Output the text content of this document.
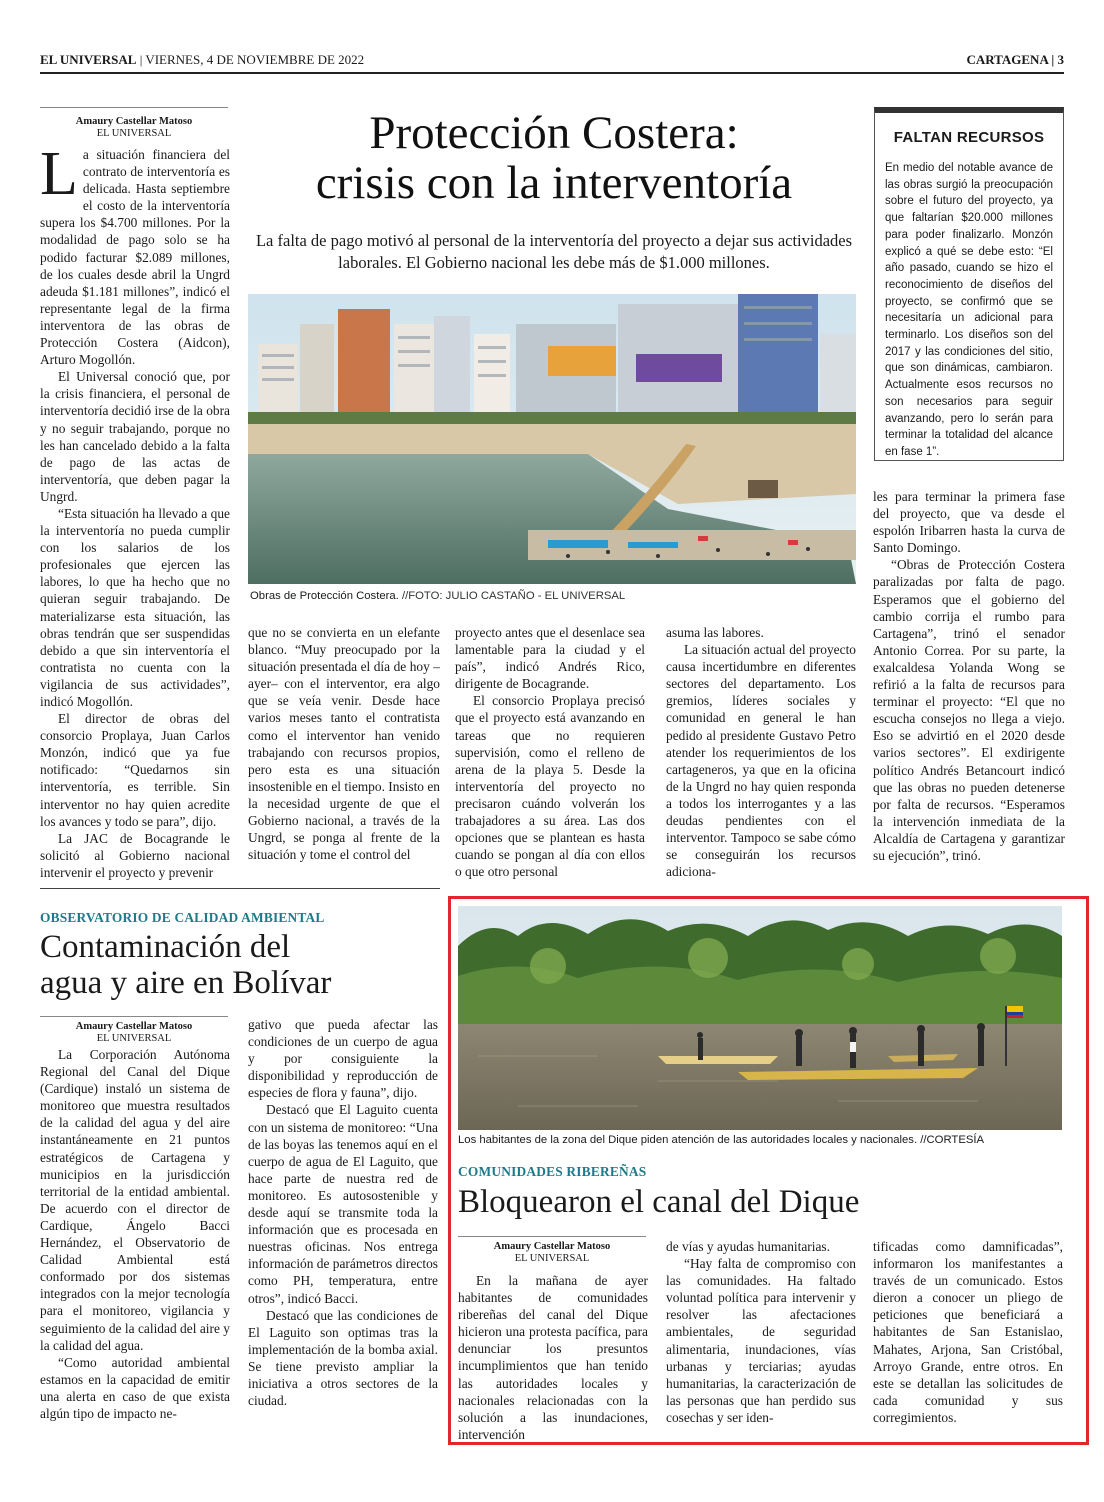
EL UNIVERSAL | VIERNES, 4 DE NOVIEMBRE DE 2022	CARTAGENA | 3
Amaury Castellar Matoso
EL UNIVERSAL

La situación financiera del contrato de interventoría es delicada. Hasta septiembre el costo de la interventoría supera los $4.700 millones. Por la modalidad de pago solo se ha podido facturar $2.089 millones, de los cuales desde abril la Ungrd adeuda $1.181 millones”, indicó el representante legal de la firma interventora de las obras de Protección Costera (Aidcon), Arturo Mogollón.

El Universal conoció que, por la crisis financiera, el personal de interventoría decidió irse de la obra y no seguir trabajando, porque no les han cancelado debido a la falta de pago de las actas de interventoría, que deben pagar la Ungrd.

“Esta situación ha llevado a que la interventoría no pueda cumplir con los salarios de los profesionales que ejercen las labores, lo que ha hecho que no quieran seguir trabajando. De materializarse esta situación, las obras tendrán que ser suspendidas debido a que sin interventoría el contratista no cuenta con la vigilancia de sus actividades”, indicó Mogollón.

El director de obras del consorcio Proplaya, Juan Carlos Monzón, indicó que ya fue notificado: “Quedarnos sin interventoría, es terrible. Sin interventor no hay quien acredite los avances y todo se para”, dijo.

La JAC de Bocagrande le solicitó al Gobierno nacional intervenir el proyecto y prevenir

Protección Costera:
crisis con la interventoría
La falta de pago motivó al personal de la interventoría del proyecto a dejar sus actividades laborales. El Gobierno nacional les debe más de $1.000 millones.
Obras de Protección Costera. //FOTO: JULIO CASTAÑO - EL UNIVERSAL

que no se convierta en un elefante blanco. “Muy preocupado por la situación presentada el día de hoy –ayer– con el interventor, era algo que se veía venir. Desde hace varios meses tanto el contratista como el interventor han venido trabajando con recursos propios, pero esta es una situación insostenible en el tiempo. Insisto en la necesidad urgente de que el Gobierno nacional, a través de la Ungrd, se ponga al frente de la situación y tome el control del

proyecto antes que el desenlace sea lamentable para la ciudad y el país”, indicó Andrés Rico, dirigente de Bocagrande.

El consorcio Proplaya precisó que el proyecto está avanzando en tareas que no requieren supervisión, como el relleno de arena de la playa 5. Desde la interventoría del proyecto no precisaron cuándo volverán los trabajadores a su área. Las dos opciones que se plantean es hasta cuando se pongan al día con ellos o que otro personal

asuma las labores.

La situación actual del proyecto causa incertidumbre en diferentes sectores del departamento. Los gremios, líderes sociales y comunidad en general le han pedido al presidente Gustavo Petro atender los requerimientos de los cartageneros, ya que en la oficina de la Ungrd no hay quien responda a todos los interrogantes y a las deudas pendientes con el interventor. Tampoco se sabe cómo se conseguirán los recursos adiciona-

les para terminar la primera fase del proyecto, que va desde el espolón Iribarren hasta la curva de Santo Domingo.

“Obras de Protección Costera paralizadas por falta de pago. Esperamos que el gobierno del cambio corrija el rumbo para Cartagena”, trinó el senador Antonio Correa. Por su parte, la exalcaldesa Yolanda Wong se refirió a la falta de recursos para terminar el proyecto: “El que no escucha consejos no llega a viejo. Eso se advirtió en el 2020 desde varios sectores”. El exdirigente político Andrés Betancourt indicó que las obras no pueden detenerse por falta de recursos. “Esperamos la intervención inmediata de la Alcaldía de Cartagena y garantizar su ejecución”, trinó.

FALTAN RECURSOS
En medio del notable avance de las obras surgió la preocupación sobre el futuro del proyecto, ya que faltarían $20.000 millones para poder finalizarlo. Monzón explicó a qué se debe esto: “El año pasado, cuando se hizo el reconocimiento de diseños del proyecto, se confirmó que se necesitaría un adicional para terminarlo. Los diseños son del 2017 y las condiciones del sitio, que son dinámicas, cambiaron. Actualmente esos recursos no son necesarios para seguir avanzando, pero lo serán para terminar la totalidad del alcance en fase 1”.
OBSERVATORIO DE CALIDAD AMBIENTAL
Contaminación del
agua y aire en Bolívar
Amaury Castellar Matoso
EL UNIVERSAL

La Corporación Autónoma Regional del Canal del Dique (Cardique) instaló un sistema de monitoreo que muestra resultados de la calidad del agua y del aire instantáneamente en 21 puntos estratégicos de Cartagena y municipios en la jurisdicción territorial de la entidad ambiental. De acuerdo con el director de Cardique, Ángelo Bacci Hernández, el Observatorio de Calidad Ambiental está conformado por dos sistemas integrados con la mejor tecnología para el monitoreo, vigilancia y seguimiento de la calidad del aire y la calidad del agua.

“Como autoridad ambiental estamos en la capacidad de emitir una alerta en caso de que exista algún tipo de impacto ne-

gativo que pueda afectar las condiciones de un cuerpo de agua y por consiguiente la disponibilidad y reproducción de especies de flora y fauna”, dijo.

Destacó que El Laguito cuenta con un sistema de monitoreo: “Una de las boyas las tenemos aquí en el cuerpo de agua de El Laguito, que hace parte de nuestra red de monitoreo. Es autosostenible y desde aquí se transmite toda la información que es procesada en nuestras oficinas. Nos entrega información de parámetros directos como PH, temperatura, entre otros”, indicó Bacci.

Destacó que las condiciones de El Laguito son optimas tras la implementación de la bomba axial. Se tiene previsto ampliar la iniciativa a otros sectores de la ciudad.

Los habitantes de la zona del Dique piden atención de las autoridades locales y nacionales. //CORTESÍA
COMUNIDADES RIBEREÑAS
Bloquearon el canal del Dique
Amaury Castellar Matoso
EL UNIVERSAL

En la mañana de ayer habitantes de comunidades ribereñas del canal del Dique hicieron una protesta pacífica, para denunciar los presuntos incumplimientos que han tenido las autoridades locales y nacionales relacionadas con la solución a las inundaciones, intervención

de vías y ayudas humanitarias.

“Hay falta de compromiso con las comunidades. Ha faltado voluntad política para intervenir y resolver las afectaciones ambientales, de seguridad alimentaria, inundaciones, vías urbanas y terciarias; ayudas humanitarias, la caracterización de las personas que han perdido sus cosechas y ser iden-

tificadas como damnificadas”, informaron los manifestantes a través de un comunicado. Estos dieron a conocer un pliego de peticiones que beneficiará a habitantes de San Estanislao, Mahates, Arjona, San Cristóbal, Arroyo Grande, entre otros. En este se detallan las solicitudes de cada comunidad y sus corregimientos.
